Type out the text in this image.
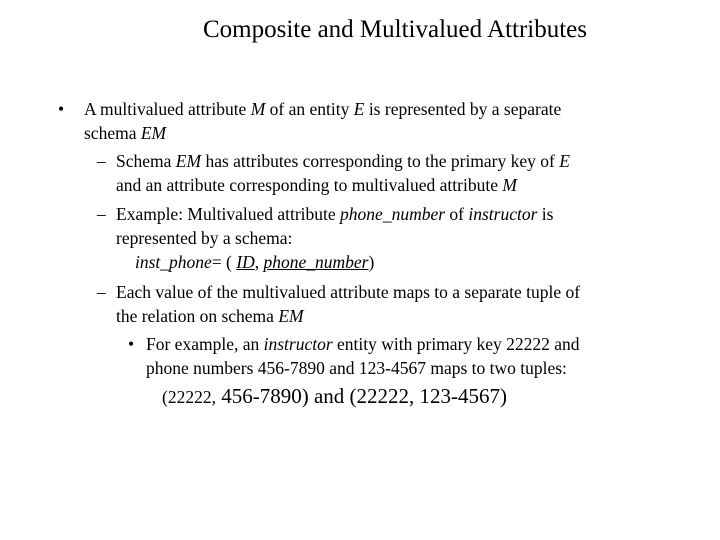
Composite and Multivalued Attributes
• A multivalued attribute M of an entity E is represented by a separate
schema EM
– Schema EM has attributes corresponding to the primary key of E
and an attribute corresponding to multivalued attribute M
– Example: Multivalued attribute phone_number of instructor is
represented by a schema:
inst_phone= ( ID, phone_number)
– Each value of the multivalued attribute maps to a separate tuple of
the relation on schema EM
• For example, an instructor entity with primary key 22222 and
phone numbers 456-7890 and 123-4567 maps to two tuples:
(22222, 456-7890) and (22222, 123-4567)
